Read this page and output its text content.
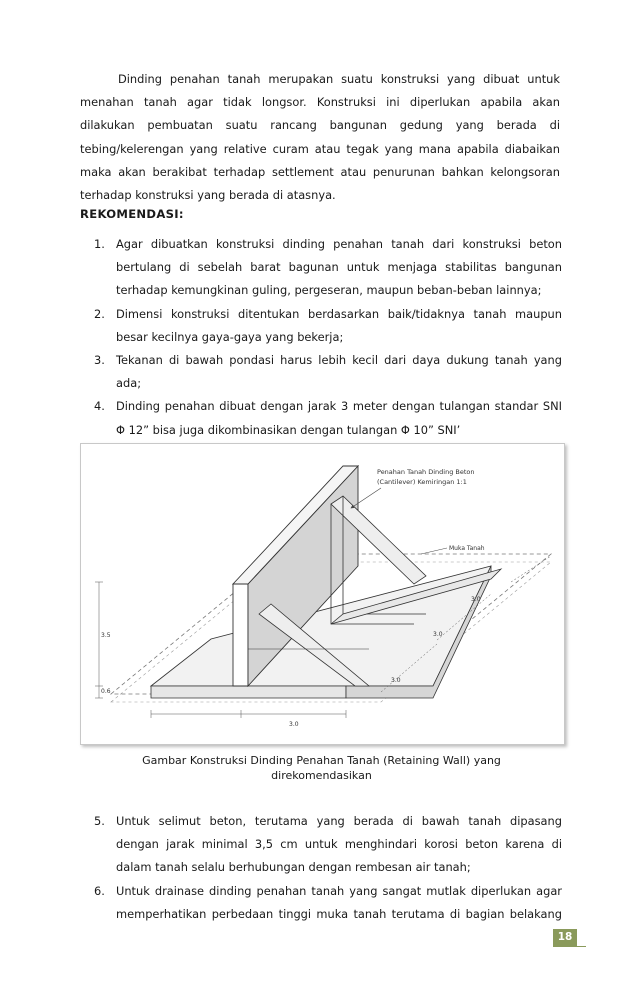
Dinding penahan tanah merupakan suatu konstruksi yang dibuat untuk
menahan tanah agar tidak longsor. Konstruksi ini diperlukan apabila akan
dilakukan pembuatan suatu rancang bangunan gedung yang berada di
tebing/kelerengan yang relative curam atau tegak yang mana apabila diabaikan
maka akan berakibat terhadap settlement atau penurunan bahkan kelongsoran
terhadap konstruksi yang berada di atasnya.
REKOMENDASI:
1. Agar dibuatkan konstruksi dinding penahan tanah dari konstruksi beton
bertulang di sebelah barat bagunan untuk menjaga stabilitas bangunan
terhadap kemungkinan guling, pergeseran, maupun beban-beban lainnya;
2. Dimensi konstruksi ditentukan berdasarkan baik/tidaknya tanah maupun
besar kecilnya gaya-gaya yang bekerja;
3. Tekanan di bawah pondasi harus lebih kecil dari daya dukung tanah yang
ada;
4. Dinding penahan dibuat dengan jarak 3 meter dengan tulangan standar SNI
Φ 12” bisa juga dikombinasikan dengan tulangan Φ 10” SNI’
Penahan Tanah Dinding Beton
(Cantilever) Kemiringan 1:1
Muka Tanah
3.5
0.6
3.0
3.0
3.0
3.0
Gambar Konstruksi Dinding Penahan Tanah (Retaining Wall) yang
direkomendasikan
5. Untuk selimut beton, terutama yang berada di bawah tanah dipasang
dengan jarak minimal 3,5 cm untuk menghindari korosi beton karena di
dalam tanah selalu berhubungan dengan rembesan air tanah;
6. Untuk drainase dinding penahan tanah yang sangat mutlak diperlukan agar
memperhatikan perbedaan tinggi muka tanah terutama di bagian belakang
18
